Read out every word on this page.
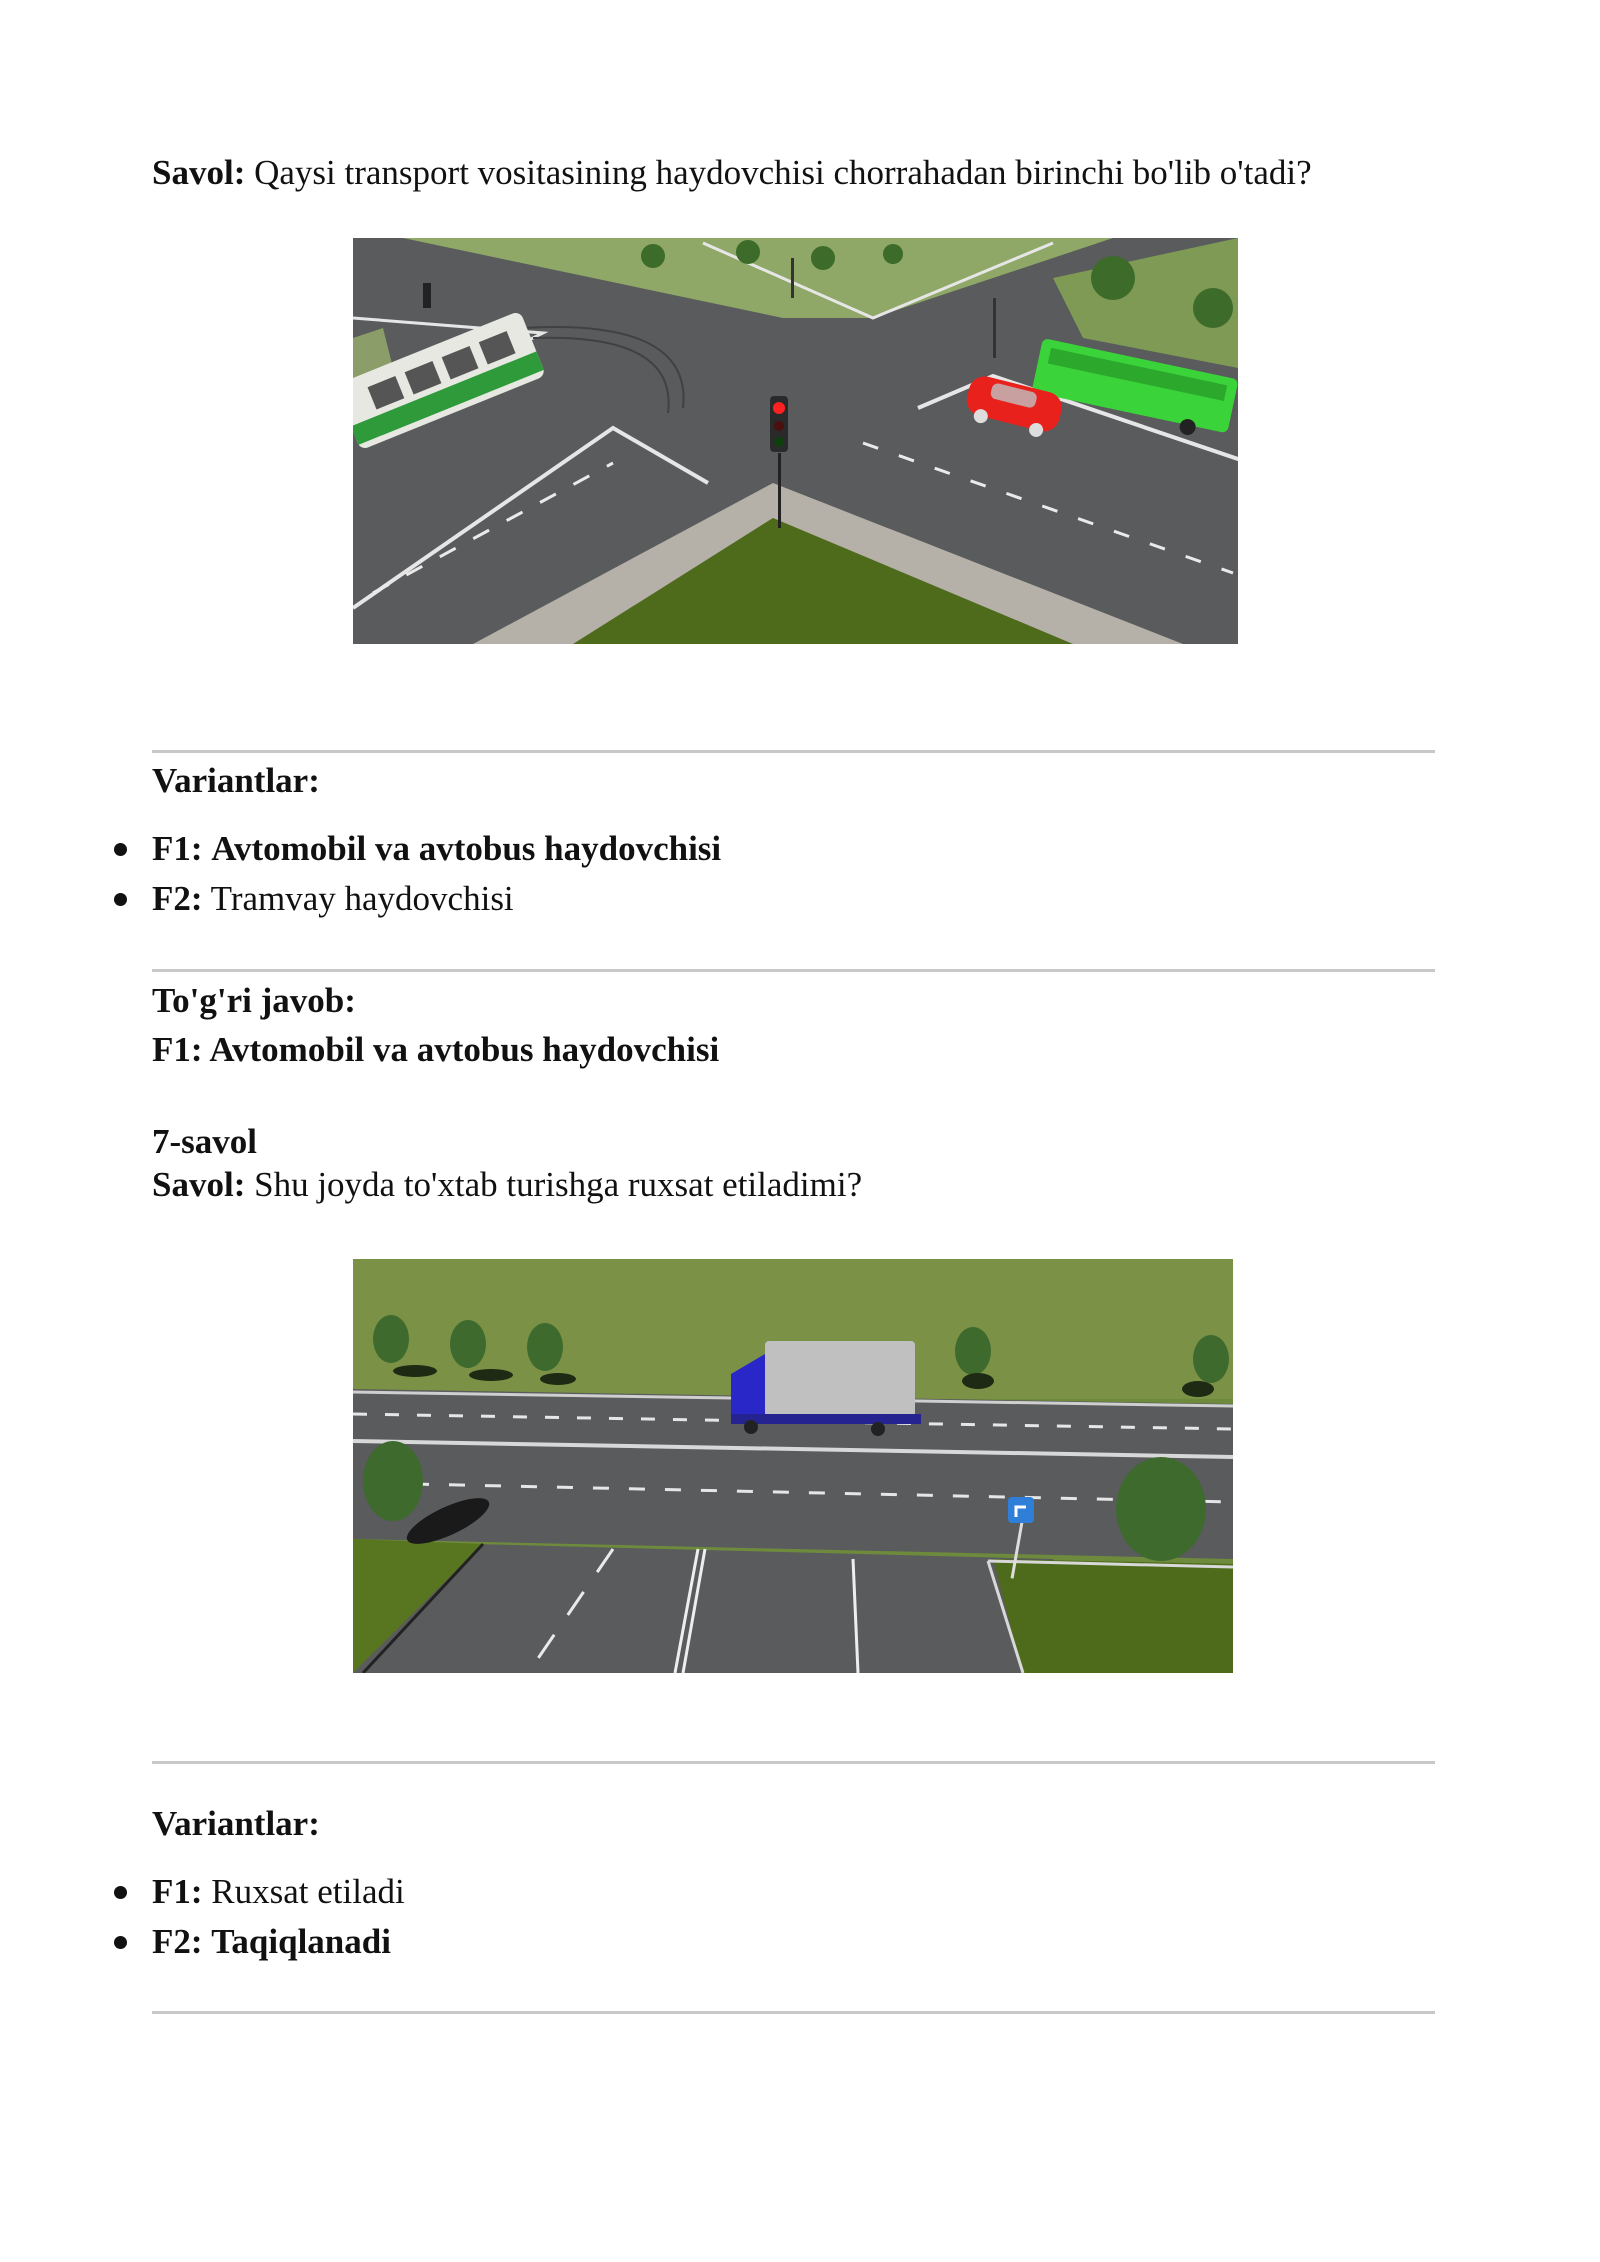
Savol: Qaysi transport vositasining haydovchisi chorrahadan birinchi bo'lib o'tadi?
Variantlar:
F1: Avtomobil va avtobus haydovchisi
F2: Tramvay haydovchisi
To'g'ri javob:
F1: Avtomobil va avtobus haydovchisi
7-savol
Savol: Shu joyda to'xtab turishga ruxsat etiladimi?
Variantlar:
F1: Ruxsat etiladi
F2: Taqiqlanadi
